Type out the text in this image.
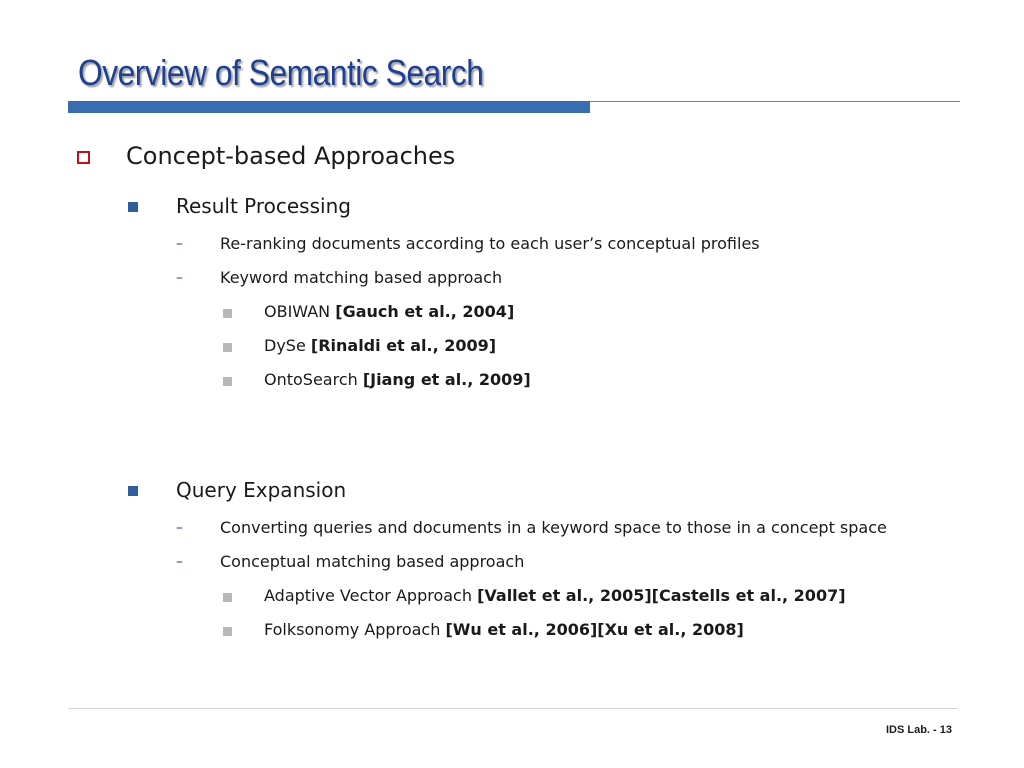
Overview of Semantic Search
Concept-based Approaches
Result Processing
– Re-ranking documents according to each user’s conceptual profiles
– Keyword matching based approach
OBIWAN [Gauch et al., 2004]
DySe [Rinaldi et al., 2009]
OntoSearch [Jiang et al., 2009]
Query Expansion
– Converting queries and documents in a keyword space to those in a concept space
– Conceptual matching based approach
Adaptive Vector Approach [Vallet et al., 2005][Castells et al., 2007]
Folksonomy Approach [Wu et al., 2006][Xu et al., 2008]
IDS Lab. - 13
